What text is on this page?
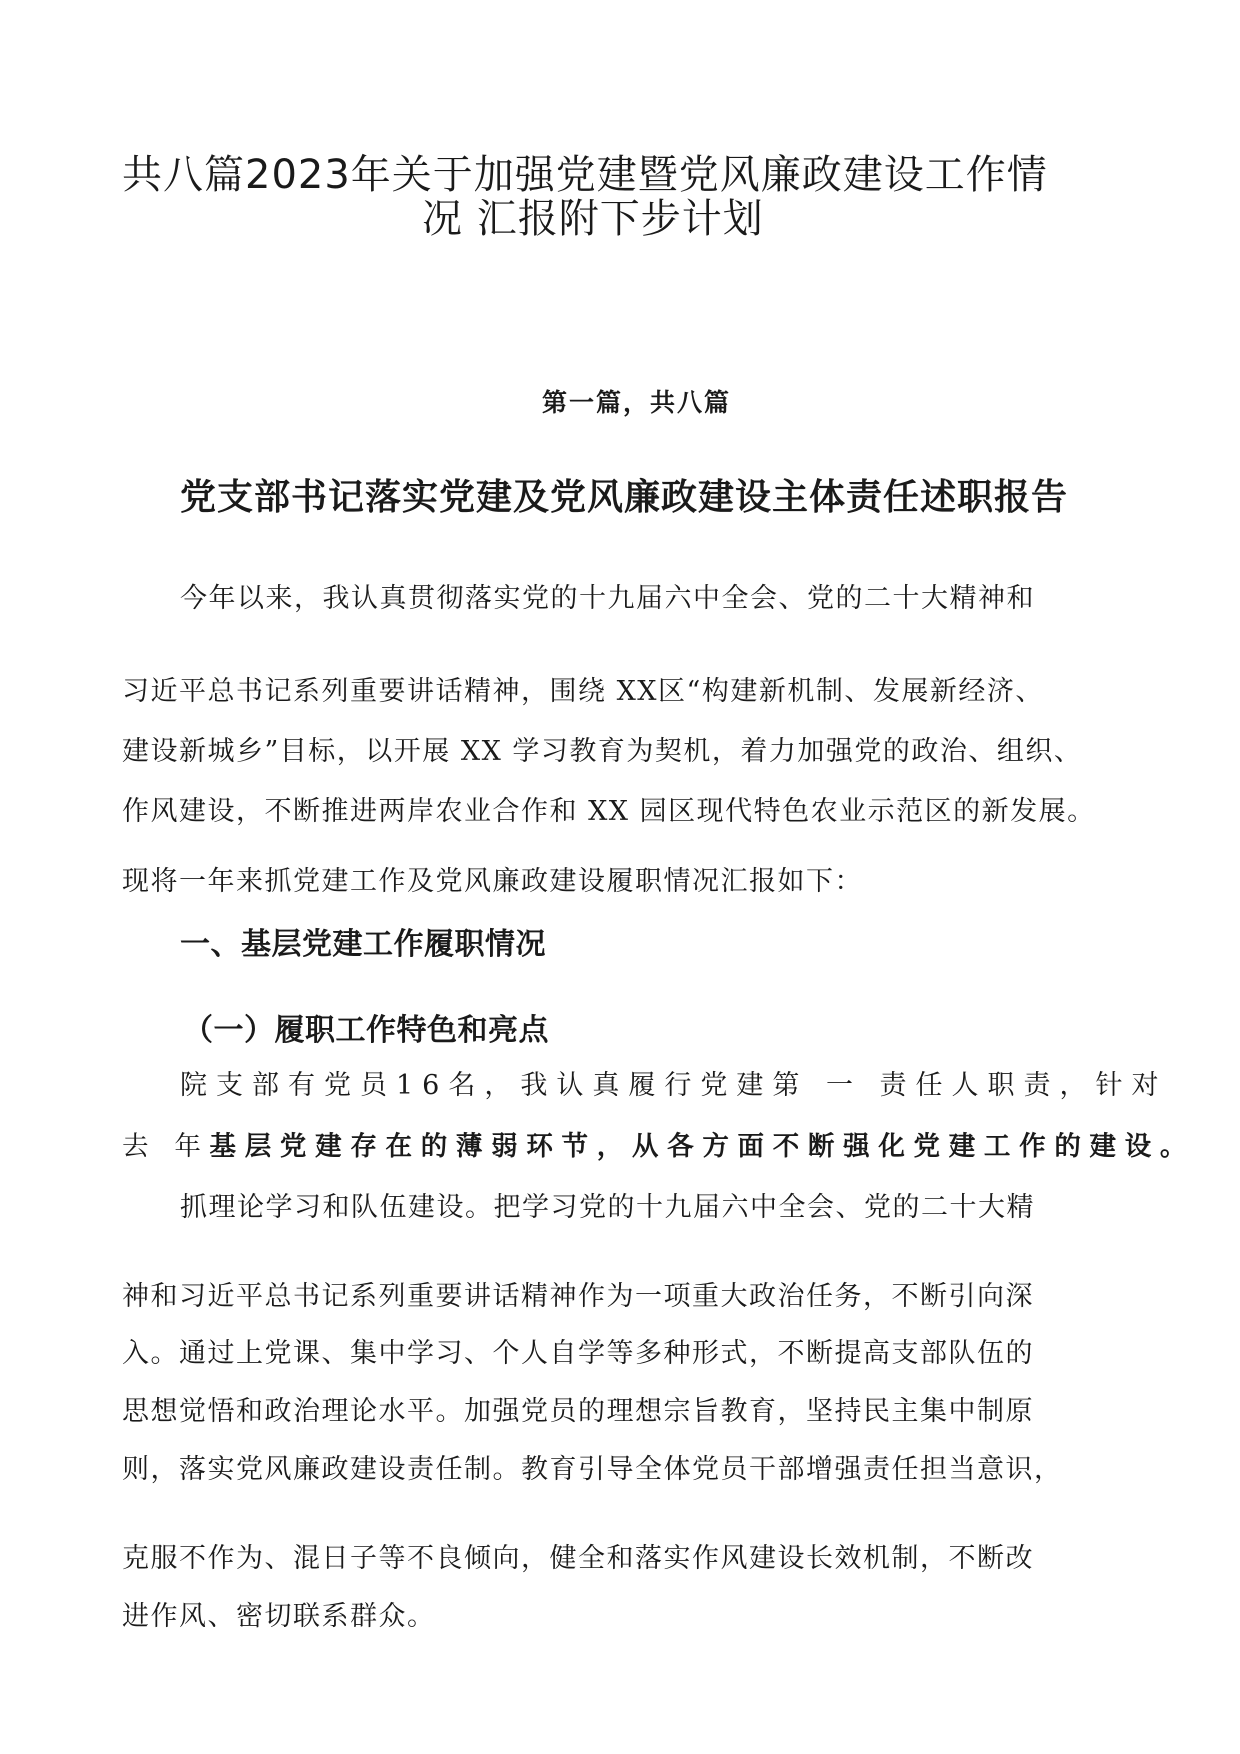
共八篇2023年关于加强党建暨党风廉政建设工作情
况 汇报附下步计划
第一篇，共八篇
党支部书记落实党建及党风廉政建设主体责任述职报告
今年以来，我认真贯彻落实党的十九届六中全会、党的二十大精神和
习近平总书记系列重要讲话精神，围绕 XX区“构建新机制、发展新经济、
建设新城乡”目标，以开展 XX 学习教育为契机，着力加强党的政治、组织、
作风建设，不断推进两岸农业合作和 XX 园区现代特色农业示范区的新发展。
现将一年来抓党建工作及党风廉政建设履职情况汇报如下：
一、基层党建工作履职情况
（一）履职工作特色和亮点
院支部有党员16名，我认真履行党建第 一 责任人职责，针对
去 年基层党建存在的薄弱环节，从各方面不断强化党建工作的建设。
抓理论学习和队伍建设。把学习党的十九届六中全会、党的二十大精
神和习近平总书记系列重要讲话精神作为一项重大政治任务，不断引向深
入。通过上党课、集中学习、个人自学等多种形式，不断提高支部队伍的
思想觉悟和政治理论水平。加强党员的理想宗旨教育，坚持民主集中制原
则，落实党风廉政建设责任制。教育引导全体党员干部增强责任担当意识，
克服不作为、混日子等不良倾向，健全和落实作风建设长效机制，不断改
进作风、密切联系群众。
